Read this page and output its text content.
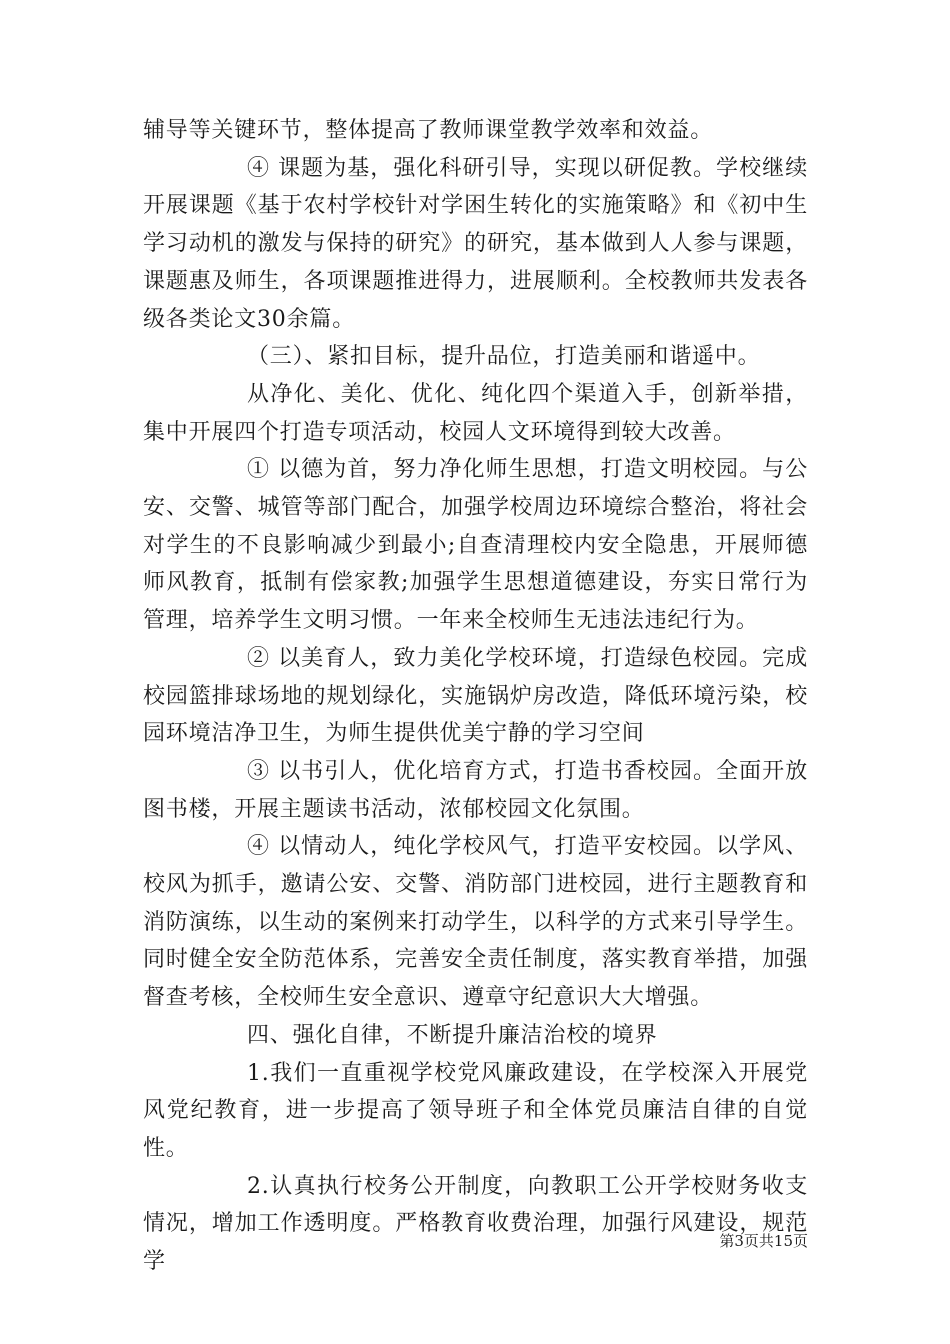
辅导等关键环节，整体提高了教师课堂教学效率和效益。

④ 课题为基，强化科研引导，实现以研促教。学校继续开展课题《基于农村学校针对学困生转化的实施策略》和《初中生学习动机的激发与保持的研究》的研究，基本做到人人参与课题，课题惠及师生，各项课题推进得力，进展顺利。全校教师共发表各级各类论文30余篇。

（三）、紧扣目标，提升品位，打造美丽和谐遥中。

从净化、美化、优化、纯化四个渠道入手，创新举措，集中开展四个打造专项活动，校园人文环境得到较大改善。

① 以德为首，努力净化师生思想，打造文明校园。与公安、交警、城管等部门配合，加强学校周边环境综合整治，将社会对学生的不良影响减少到最小;自查清理校内安全隐患，开展师德师风教育，抵制有偿家教;加强学生思想道德建设，夯实日常行为管理，培养学生文明习惯。一年来全校师生无违法违纪行为。

② 以美育人，致力美化学校环境，打造绿色校园。完成校园篮排球场地的规划绿化，实施锅炉房改造，降低环境污染，校园环境洁净卫生，为师生提供优美宁静的学习空间

③ 以书引人，优化培育方式，打造书香校园。全面开放图书楼，开展主题读书活动，浓郁校园文化氛围。

④ 以情动人，纯化学校风气，打造平安校园。以学风、校风为抓手，邀请公安、交警、消防部门进校园，进行主题教育和消防演练，以生动的案例来打动学生，以科学的方式来引导学生。同时健全安全防范体系，完善安全责任制度，落实教育举措，加强督查考核，全校师生安全意识、遵章守纪意识大大增强。

四、强化自律，不断提升廉洁治校的境界

1.我们一直重视学校党风廉政建设，在学校深入开展党风党纪教育，进一步提高了领导班子和全体党员廉洁自律的自觉性。

2.认真执行校务公开制度，向教职工公开学校财务收支情况，增加工作透明度。严格教育收费治理，加强行风建设，规范学

第3页共15页
